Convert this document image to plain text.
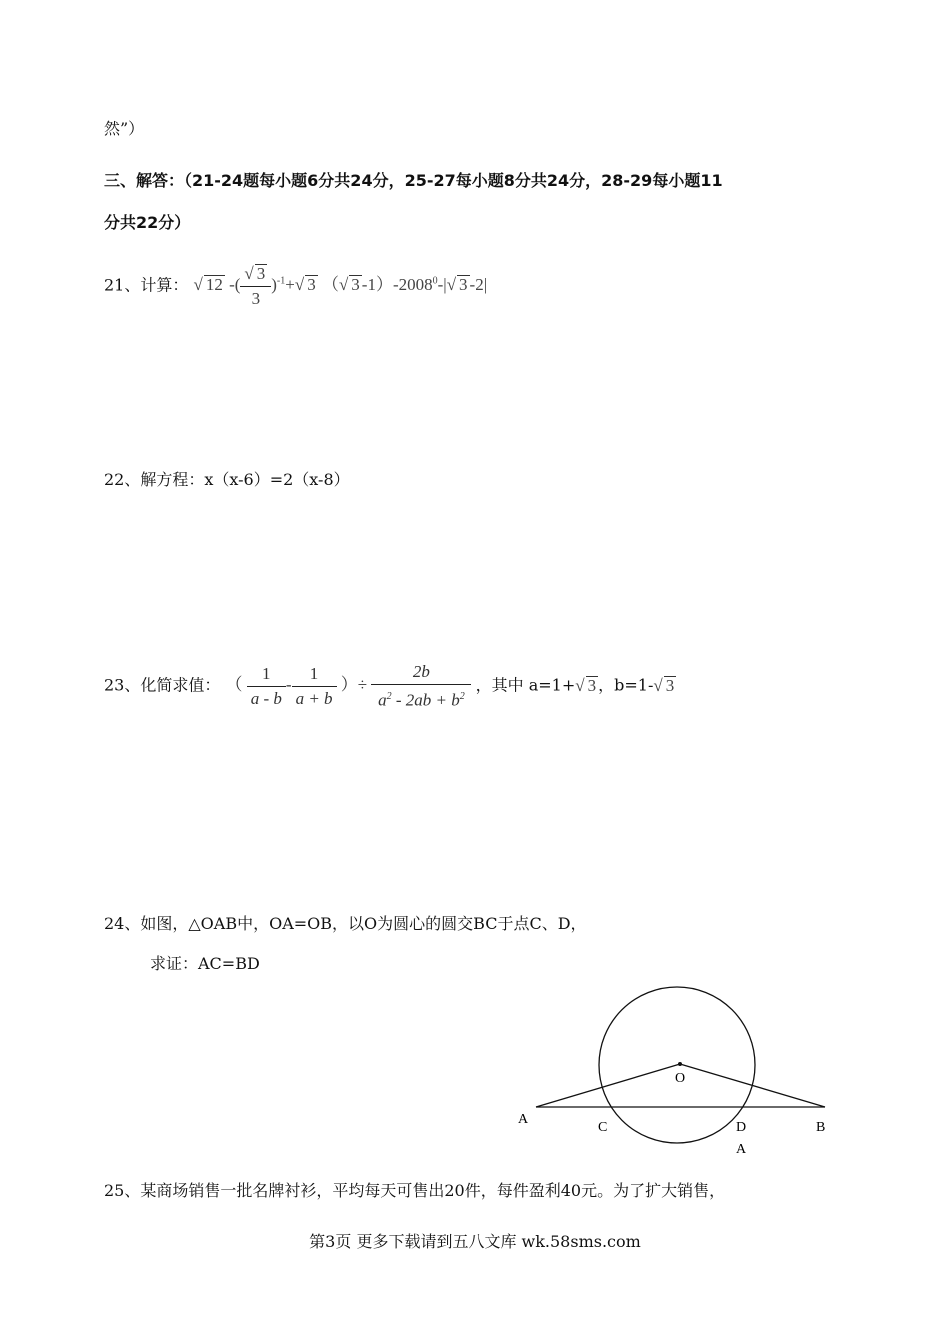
然”）
三、解答：（21-24题每小题6分共24分，25-27每小题8分共24分，28-29每小题11
分共22分）
21、计算： √ 12 -( $\frac{√ 3}{3} )^{-1}+√$ 3 （√ 3 -1）-2008$^0$-|√ 3 -2|
22、解方程：x（x-6）=2（x-8）
23、化简求值： （ $\frac{1}{a - b} - \frac{1}{a + b}$ ）÷ $\frac{2b}{a^2 - 2ab + b^2}$ ，其中 a=1+√ 3 ，b=1-√ 3
24、如图，△OAB中，OA=OB，以O为圆心的圆交BC于点C、D，
求证：AC=BD
O
A
C	D	B
A
25、某商场销售一批名牌衬衫，平均每天可售出20件，每件盈利40元。为了扩大销售，
第3页 更多下载请到五八文库 wk.58sms.com
